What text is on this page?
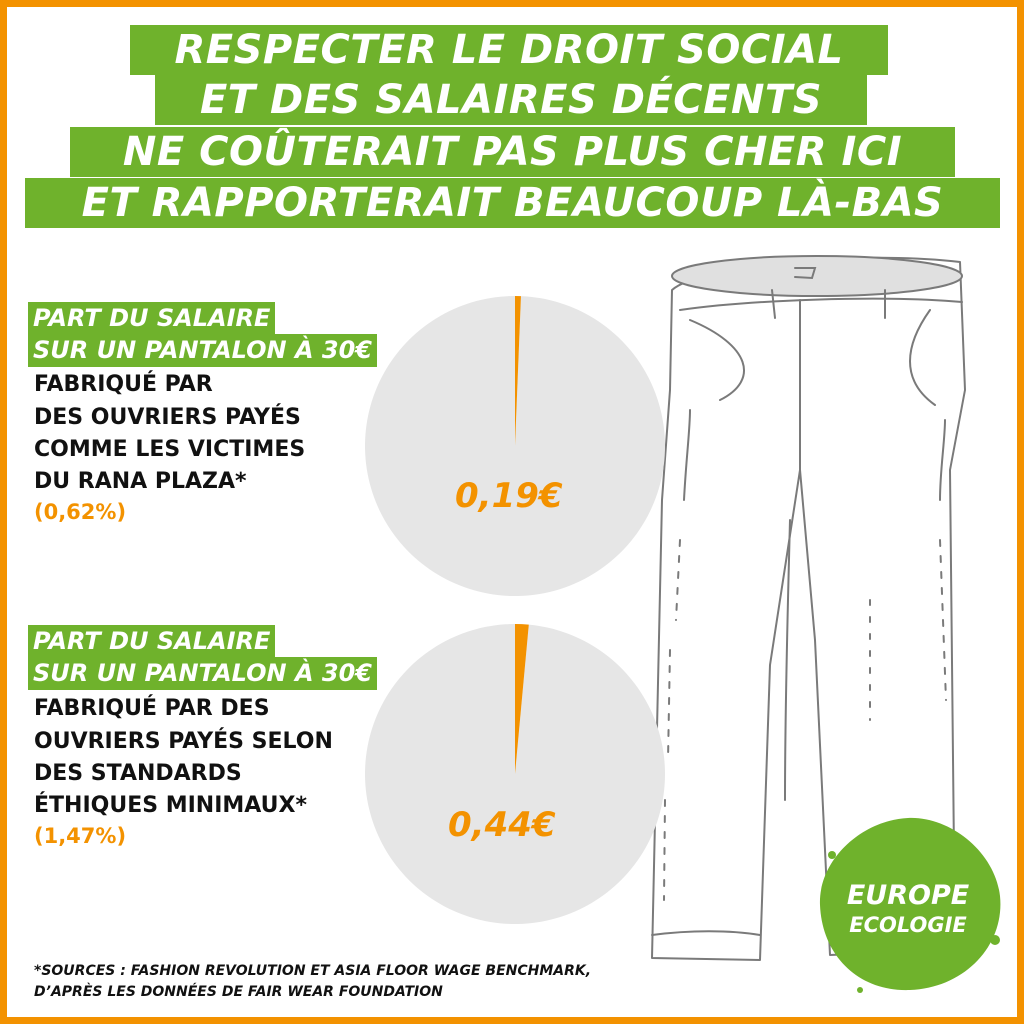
RESPECTER LE DROIT SOCIAL
ET DES SALAIRES DÉCENTS
NE COÛTERAIT PAS PLUS CHER ICI
ET RAPPORTERAIT BEAUCOUP LÀ-BAS
PART DU SALAIRE
SUR UN PANTALON À 30€
FABRIQUÉ PAR
DES OUVRIERS PAYÉS
COMME LES VICTIMES
DU RANA PLAZA*
(0,62%)
PART DU SALAIRE
SUR UN PANTALON À 30€
FABRIQUÉ PAR DES
OUVRIERS PAYÉS SELON
DES STANDARDS
ÉTHIQUES MINIMAUX*
(1,47%)
0,19€
0,44€
*SOURCES : FASHION REVOLUTION ET ASIA FLOOR WAGE BENCHMARK,
D’APRÈS LES DONNÉES DE FAIR WEAR FOUNDATION
EUROPE
ECOLOGIE
